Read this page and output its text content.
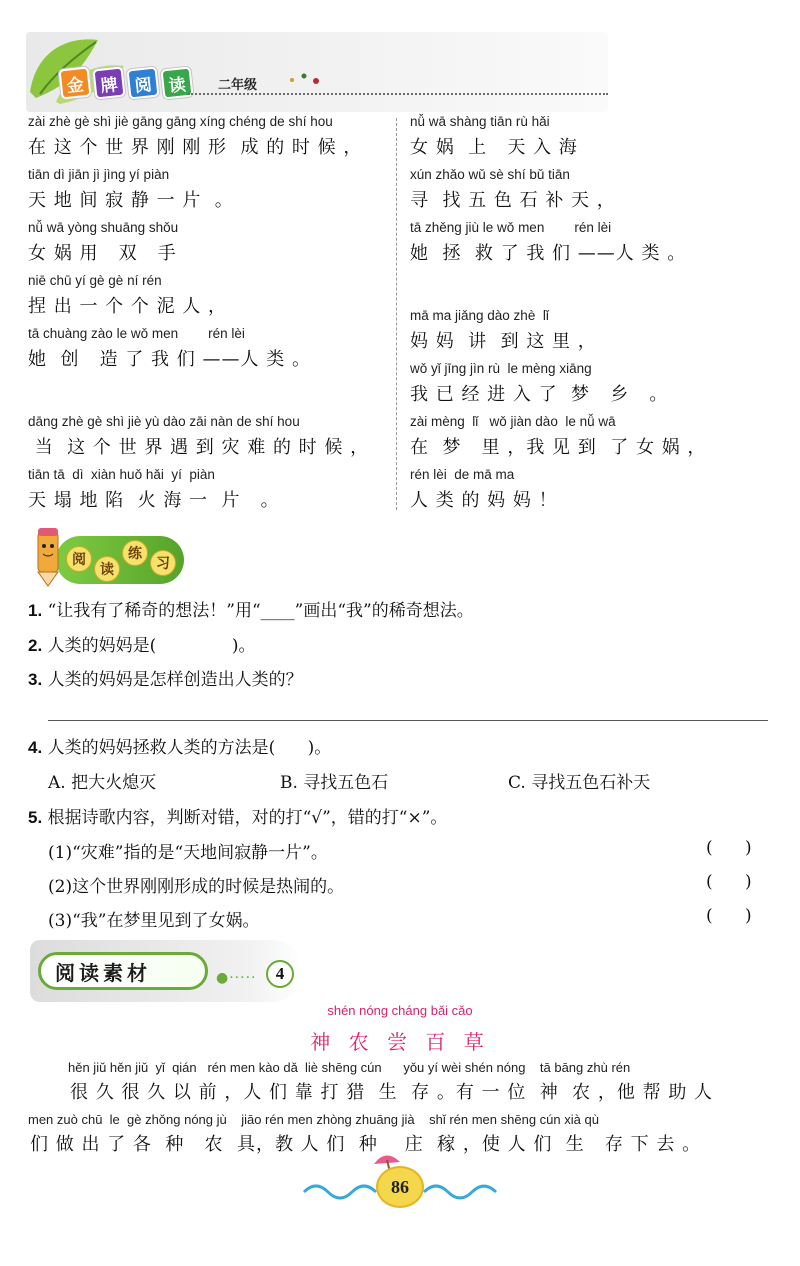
金 牌 阅 读	二年级
zài zhè gè shì jiè gāng gāng xíng chéng de shí hou
在 这 个 世 界 刚 刚 形  成 的 时 候 ，
tiān dì jiān jì jìng yí piàn
天 地 间 寂 静 一 片  。
nǚ wā yòng shuāng shǒu
女 娲 用   双   手
niē chū yí gè gè ní rén
捏 出 一 个 个 泥 人 ，
tā chuàng zào le wǒ men        rén lèi
她  创   造 了 我 们 ——人 类 。
dāng zhè gè shì jiè yù dào zāi nàn de shí hou
当  这 个 世 界 遇 到 灾 难 的 时 候 ，
tiān tā  dì  xiàn huǒ hǎi  yí  piàn
天 塌 地 陷  火 海 一  片   。
nǚ wā shàng tiān rù hǎi
女 娲  上   天 入 海
xún zhǎo wǔ sè shí bǔ tiān
寻  找 五 色 石 补 天 ，
tā zhěng jiù le wǒ men        rén lèi
她  拯  救 了 我 们 ——人 类 。
mā ma jiǎng dào zhè  lǐ
妈 妈  讲  到 这 里 ，
wǒ yǐ jīng jìn rù  le mèng xiāng
我 已 经 进 入 了  梦   乡   。
zài mèng  lǐ   wǒ jiàn dào  le nǚ wā
在  梦   里 ，我 见 到  了 女 娲 ，
rén lèi  de mā ma
人 类 的 妈 妈 ！
阅
读
练
习
1. “让我有了稀奇的想法！”用“____”画出“我”的稀奇想法。
2. 人类的妈妈是(              )。
3. 人类的妈妈是怎样创造出人类的？
4. 人类的妈妈拯救人类的方法是(      )。
A. 把大火熄灭	B. 寻找五色石	C. 寻找五色石补天
5. 根据诗歌内容，判断对错，对的打“√”，错的打“×”。
(1)“灾难”指的是“天地间寂静一片”。	(      )
(2)这个世界刚刚形成的时候是热闹的。	(      )
(3)“我”在梦里见到了女娲。	(      )
阅 读 素 材	●·····	4
shén nóng cháng bǎi cǎo
神 农 尝 百 草
hěn jiǔ hěn jiǔ  yǐ  qián   rén men kào dǎ  liè shēng cún      yǒu yí wèi shén nóng    tā bāng zhù rén
很 久 很 久 以 前 ，人 们 靠 打 猎  生  存 。有 一 位  神  农 ，他 帮 助 人
men zuò chū  le  gè zhǒng nóng jù    jiāo rén men zhòng zhuāng jià    shǐ rén men shēng cún xià qù
们 做 出 了 各  种   农  具，教 人 们  种    庄  稼 ，使 人 们  生   存 下 去 。
86
